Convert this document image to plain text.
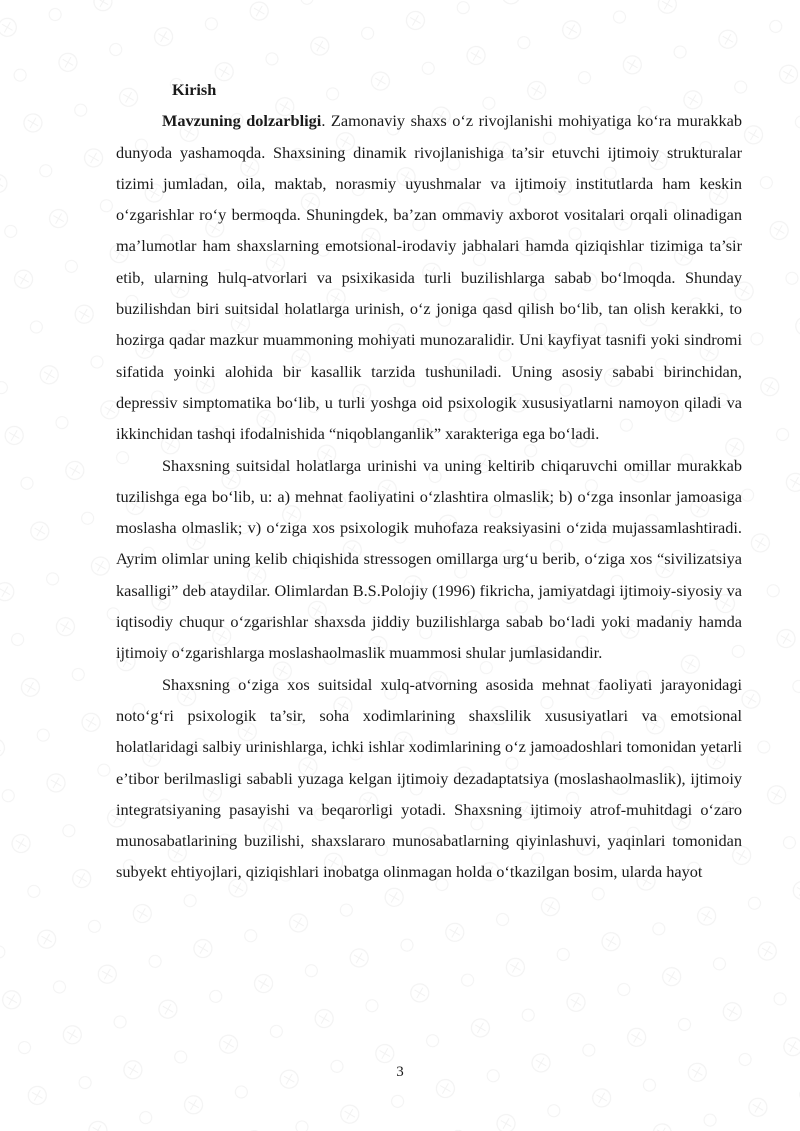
Kirish

Mavzuning dolzarbligi. Zamonaviy shaxs o‘z rivojlanishi mohiyatiga ko‘ra murakkab dunyoda yashamoqda. Shaxsining dinamik rivojlanishiga ta’sir etuvchi ijtimoiy strukturalar tizimi jumladan, oila, maktab, norasmiy uyushmalar va ijtimoiy institutlarda ham keskin o‘zgarishlar ro‘y bermoqda. Shuningdek, ba’zan ommaviy axborot vositalari orqali olinadigan ma’lumotlar ham shaxslarning emotsional-irodaviy jabhalari hamda qiziqishlar tizimiga ta’sir etib, ularning hulq-atvorlari va psixikasida turli buzilishlarga sabab bo‘lmoqda. Shunday buzilishdan biri suitsidal holatlarga urinish, o‘z joniga qasd qilish bo‘lib, tan olish kerakki, to hozirga qadar mazkur muammoning mohiyati munozaralidir. Uni kayfiyat tasnifi yoki sindromi sifatida yoinki alohida bir kasallik tarzida tushuniladi. Uning asosiy sababi birinchidan, depressiv simptomatika bo‘lib, u turli yoshga oid psixologik xususiyatlarni namoyon qiladi va ikkinchidan tashqi ifodalnishida “niqoblanganlik” xarakteriga ega bo‘ladi.

Shaxsning suitsidal holatlarga urinishi va uning keltirib chiqaruvchi omillar murakkab tuzilishga ega bo‘lib, u: a) mehnat faoliyatini o‘zlashtira olmaslik; b) o‘zga insonlar jamoasiga moslasha olmaslik; v) o‘ziga xos psixologik muhofaza reaksiyasini o‘zida mujassamlashtiradi. Ayrim olimlar uning kelib chiqishida stressogen omillarga urg‘u berib, o‘ziga xos “sivilizatsiya kasalligi” deb ataydilar. Olimlardan B.S.Polojiy (1996) fikricha, jamiyatdagi ijtimoiy-siyosiy va iqtisodiy chuqur o‘zgarishlar shaxsda jiddiy buzilishlarga sabab bo‘ladi yoki madaniy hamda ijtimoiy o‘zgarishlarga moslashaolmaslik muammosi shular jumlasidandir.

Shaxsning o‘ziga xos suitsidal xulq-atvorning asosida mehnat faoliyati jarayonidagi noto‘g‘ri psixologik ta’sir, soha xodimlarining shaxslilik xususiyatlari va emotsional holatlaridagi salbiy urinishlarga, ichki ishlar xodimlarining o‘z jamoadoshlari tomonidan yetarli e’tibor berilmasligi sababli yuzaga kelgan ijtimoiy dezadaptatsiya (moslashaolmaslik), ijtimoiy integratsiyaning pasayishi va beqarorligi yotadi. Shaxsning ijtimoiy atrof-muhitdagi o‘zaro munosabatlarining buzilishi, shaxslararo munosabatlarning qiyinlashuvi, yaqinlari tomonidan subyekt ehtiyojlari, qiziqishlari inobatga olinmagan holda o‘tkazilgan bosim, ularda hayot

3
